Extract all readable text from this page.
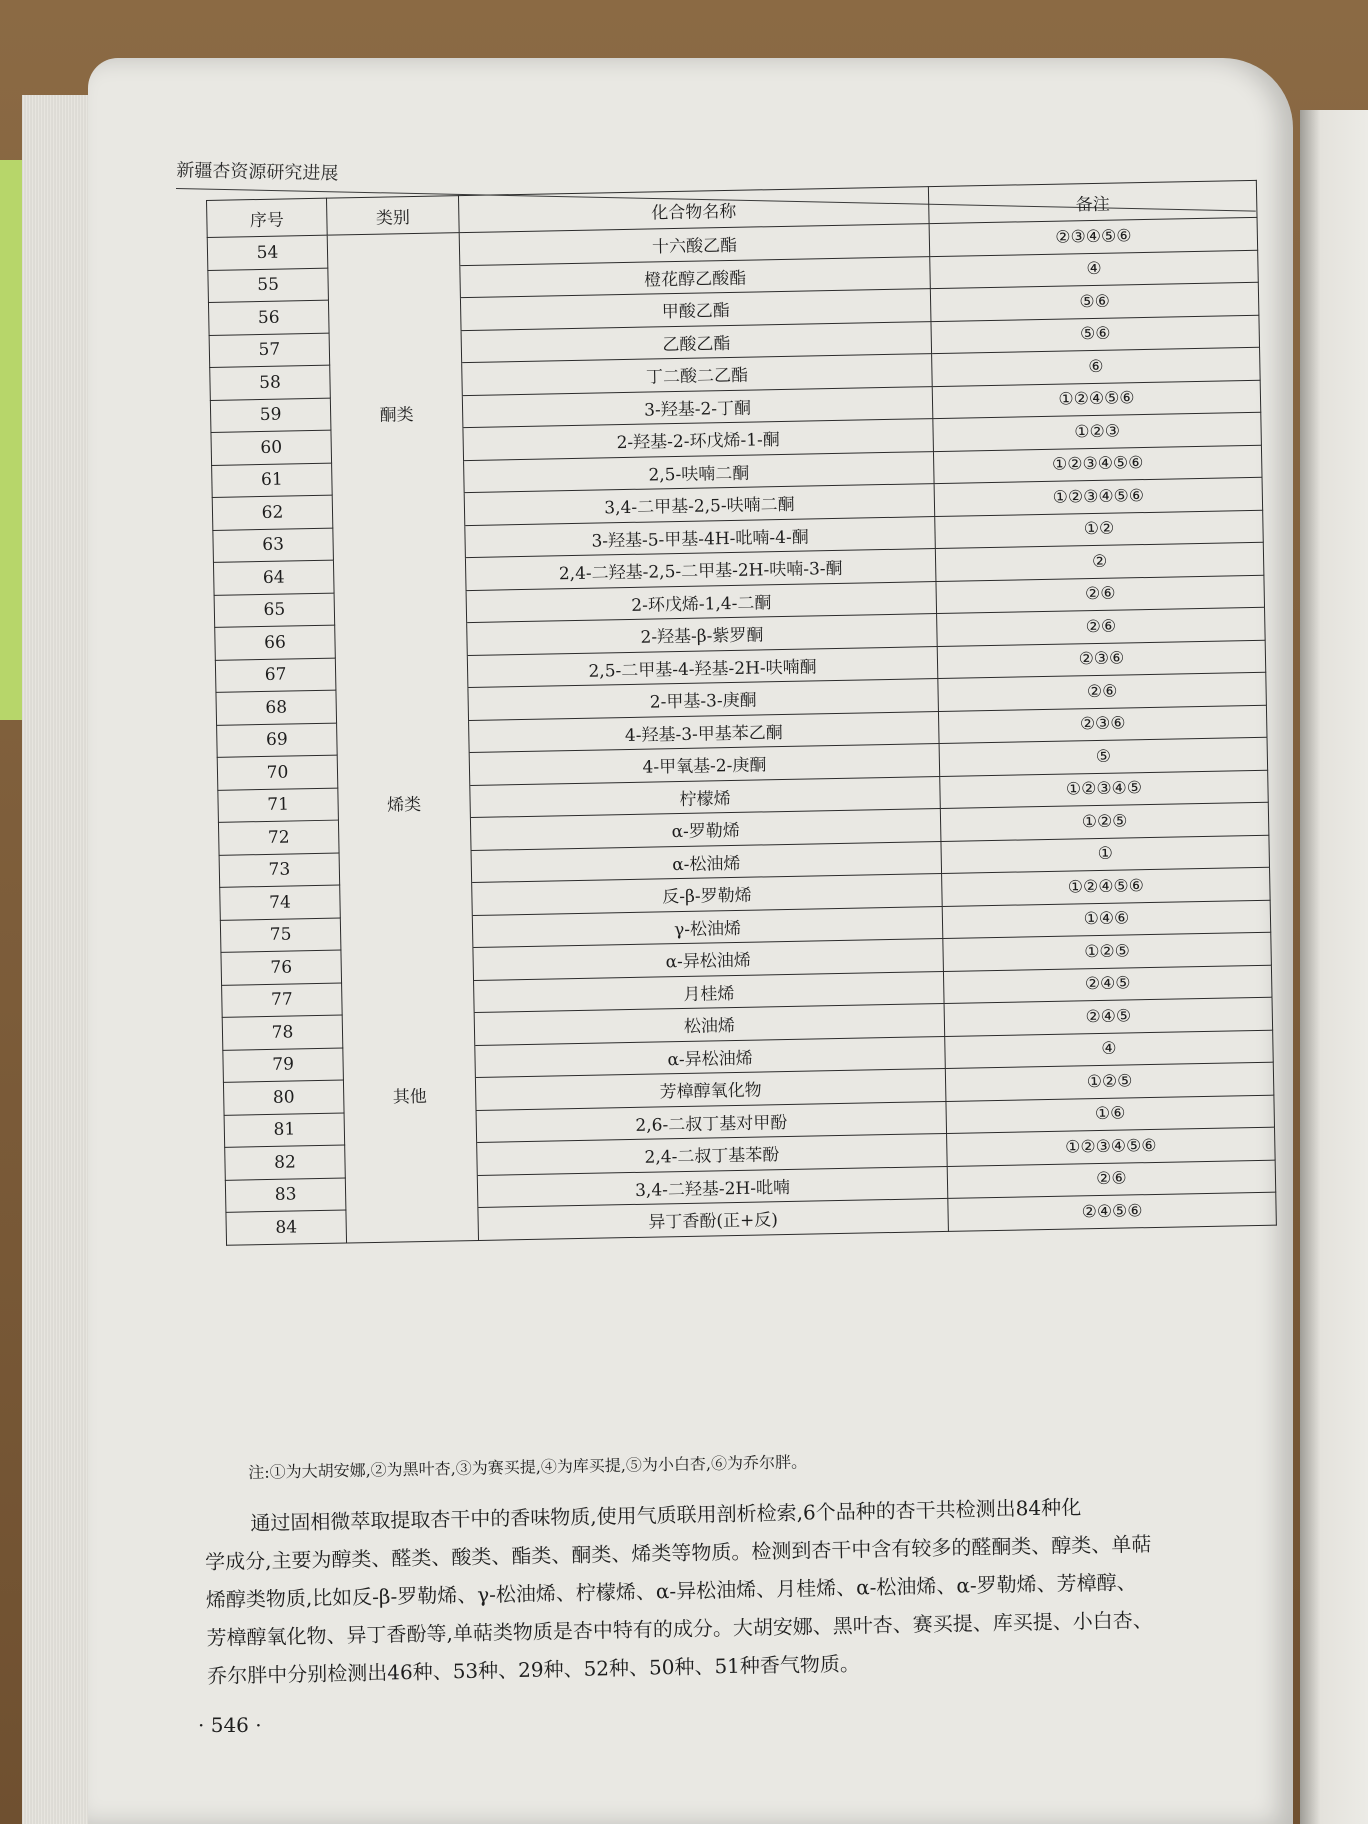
新疆杏资源研究进展
序号	类别	化合物名称	备注
54		十六酸乙酯	②③④⑤⑥
55		橙花醇乙酸酯	④
56		甲酸乙酯	⑤⑥
57		乙酸乙酯	⑤⑥
58		丁二酸二乙酯	⑥
59	酮类	3-羟基-2-丁酮	①②④⑤⑥
60		2-羟基-2-环戊烯-1-酮	①②③
61		2,5-呋喃二酮	①②③④⑤⑥
62		3,4-二甲基-2,5-呋喃二酮	①②③④⑤⑥
63		3-羟基-5-甲基-4H-吡喃-4-酮	①②
64		2,4-二羟基-2,5-二甲基-2H-呋喃-3-酮	②
65		2-环戊烯-1,4-二酮	②⑥
66		2-羟基-β-紫罗酮	②⑥
67		2,5-二甲基-4-羟基-2H-呋喃酮	②③⑥
68		2-甲基-3-庚酮	②⑥
69		4-羟基-3-甲基苯乙酮	②③⑥
70		4-甲氧基-2-庚酮	⑤
71	烯类	柠檬烯	①②③④⑤
72		α-罗勒烯	①②⑤
73		α-松油烯	①
74		反-β-罗勒烯	①②④⑤⑥
75		γ-松油烯	①④⑥
76		α-异松油烯	①②⑤
77		月桂烯	②④⑤
78		松油烯	②④⑤
79		α-异松油烯	④
80	其他	芳樟醇氧化物	①②⑤
81		2,6-二叔丁基对甲酚	①⑥
82		2,4-二叔丁基苯酚	①②③④⑤⑥
83		3,4-二羟基-2H-吡喃	②⑥
84		异丁香酚(正+反)	②④⑤⑥
注:①为大胡安娜,②为黑叶杏,③为赛买提,④为库买提,⑤为小白杏,⑥为乔尔胖。

通过固相微萃取提取杏干中的香味物质,使用气质联用剖析检索,6个品种的杏干共检测出84种化

学成分,主要为醇类、醛类、酸类、酯类、酮类、烯类等物质。检测到杏干中含有较多的醛酮类、醇类、单萜

烯醇类物质,比如反-β-罗勒烯、γ-松油烯、柠檬烯、α-异松油烯、月桂烯、α-松油烯、α-罗勒烯、芳樟醇、

芳樟醇氧化物、异丁香酚等,单萜类物质是杏中特有的成分。大胡安娜、黑叶杏、赛买提、库买提、小白杏、

乔尔胖中分别检测出46种、53种、29种、52种、50种、51种香气物质。

· 546 ·
